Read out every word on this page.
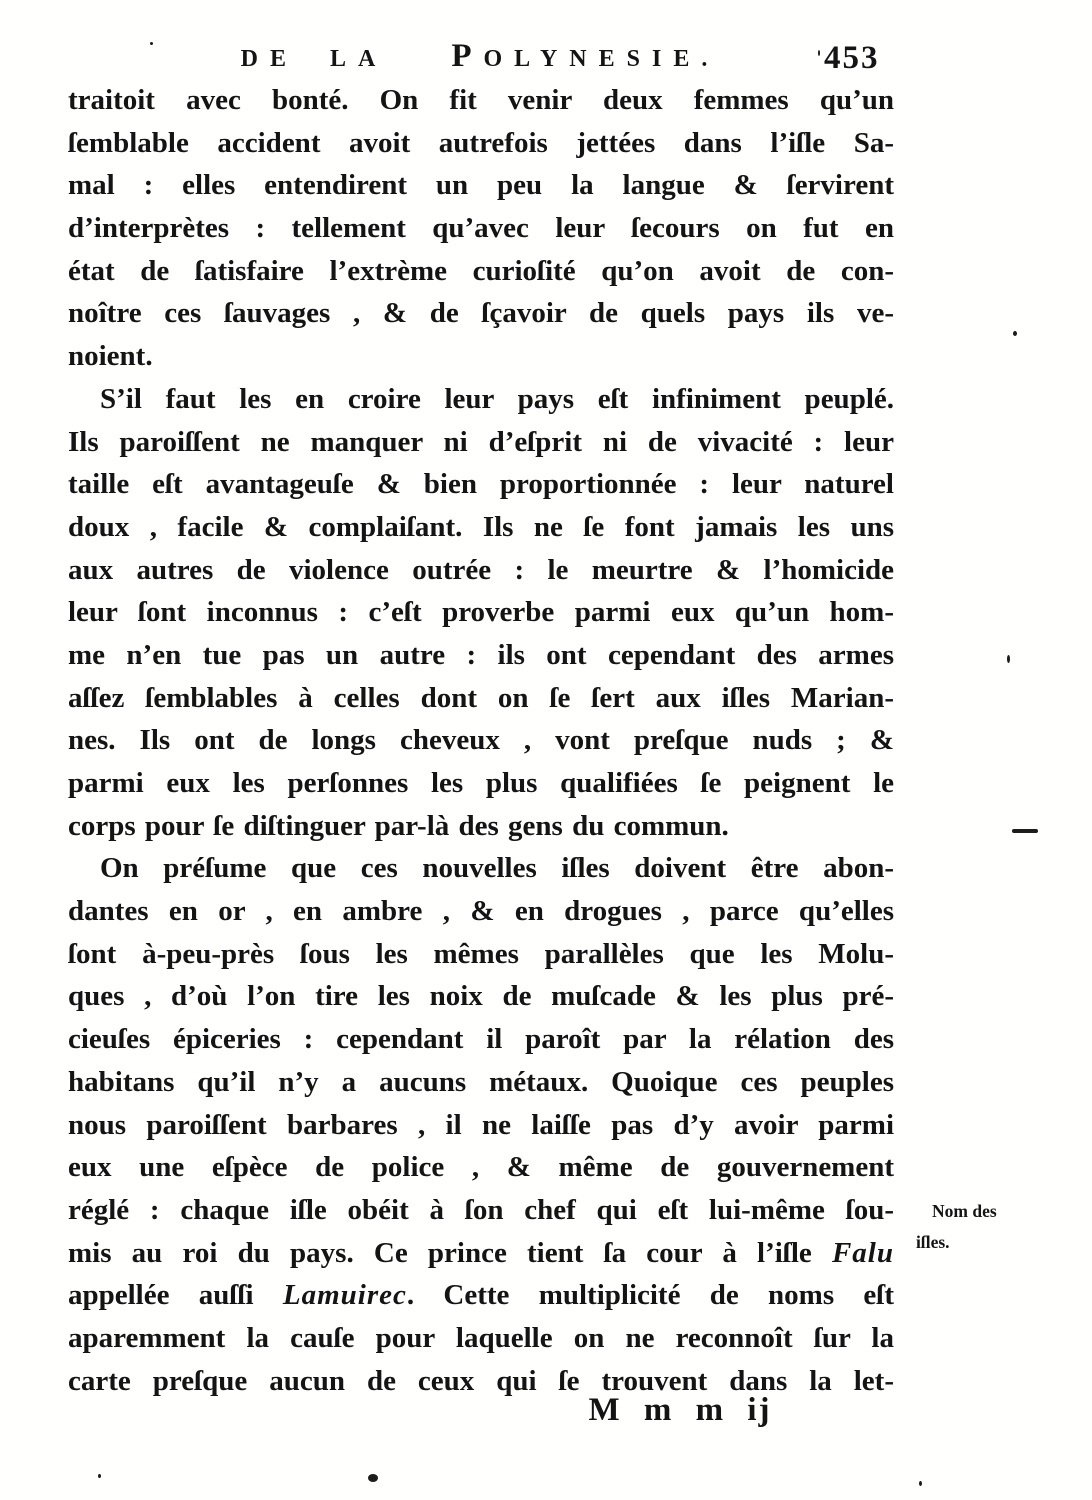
DE LA POLYNESIE.	453
traitoit avec bonté. On fit venir deux femmes qu’un
ſemblable accident avoit autrefois jettées dans l’iſle Sa-
mal : elles entendirent un peu la langue & ſervirent
d’interprètes : tellement qu’avec leur ſecours on fut en
état de ſatisfaire l’extrème curioſité qu’on avoit de con-
noître ces ſauvages , & de ſçavoir de quels pays ils ve-
noient.
S’il faut les en croire leur pays eſt infiniment peuplé.
Ils paroiſſent ne manquer ni d’eſprit ni de vivacité : leur
taille eſt avantageuſe & bien proportionnée : leur naturel
doux , facile & complaiſant. Ils ne ſe font jamais les uns
aux autres de violence outrée : le meurtre & l’homicide
leur ſont inconnus : c’eſt proverbe parmi eux qu’un hom-
me n’en tue pas un autre : ils ont cependant des armes
aſſez ſemblables à celles dont on ſe ſert aux iſles Marian-
nes. Ils ont de longs cheveux , vont preſque nuds ; &
parmi eux les perſonnes les plus qualifiées ſe peignent le
corps pour ſe diſtinguer par-là des gens du commun.
On préſume que ces nouvelles iſles doivent être abon-
dantes en or , en ambre , & en drogues , parce qu’elles
ſont à-peu-près ſous les mêmes parallèles que les Molu-
ques , d’où l’on tire les noix de muſcade & les plus pré-
cieuſes épiceries : cependant il paroît par la rélation des
habitans qu’il n’y a aucuns métaux. Quoique ces peuples
nous paroiſſent barbares , il ne laiſſe pas d’y avoir parmi
eux une eſpèce de police , & même de gouvernement
réglé : chaque iſle obéit à ſon chef qui eſt lui-même ſou-
mis au roi du pays. Ce prince tient ſa cour à l’iſle Falu
appellée auſſi Lamuirec. Cette multiplicité de noms eſt
aparemment la cauſe pour laquelle on ne reconnoît ſur la
carte preſque aucun de ceux qui ſe trouvent dans la let-
Nom des
iſles.
M m m ij
